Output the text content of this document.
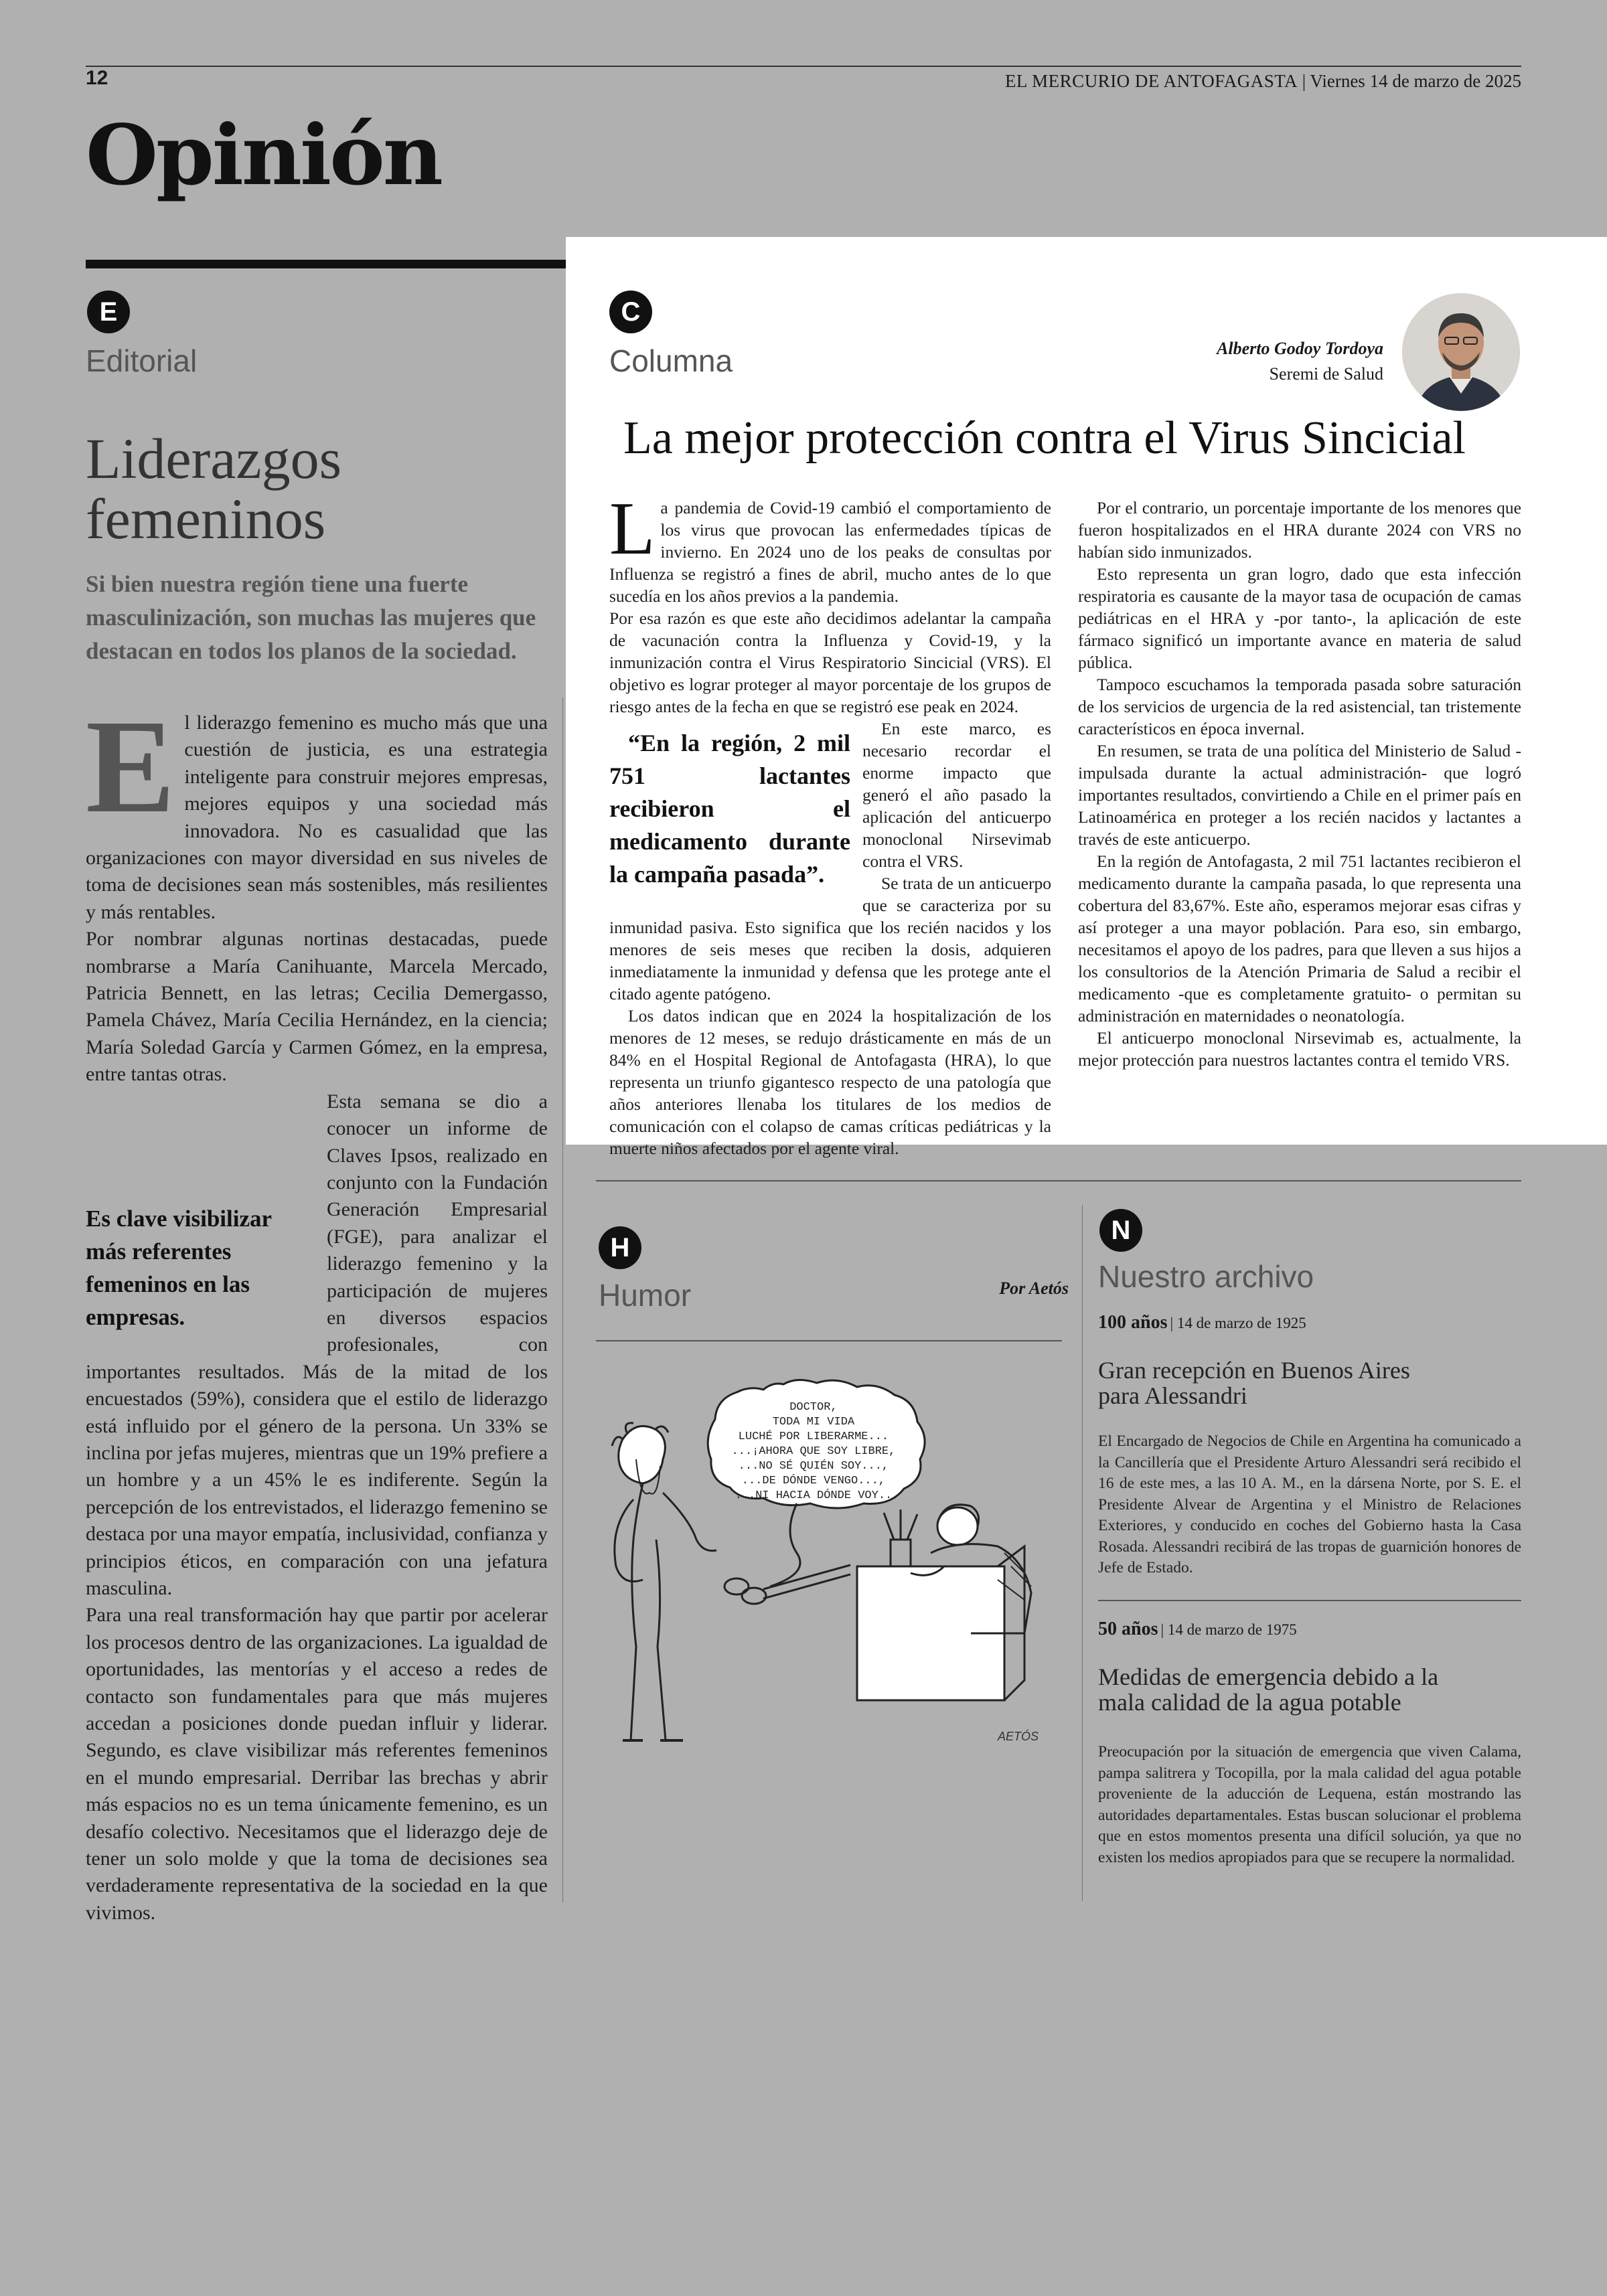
12	EL MERCURIO DE ANTOFAGASTA | Viernes 14 de marzo de 2025
Opinión
E
Editorial
Liderazgos
femeninos
Si bien nuestra región tiene una fuerte masculinización, son muchas las mujeres que destacan en todos los planos de la sociedad.

El liderazgo femenino es mucho más que una cuestión de justicia, es una estrategia inteligente para construir mejores empresas, mejores equipos y una sociedad más innovadora. No es casualidad que las organizaciones con mayor diversidad en sus niveles de toma de decisiones sean más sostenibles, más resilientes y más rentables.

Por nombrar algunas nortinas destacadas, puede nombrarse a María Canihuante, Marcela Mercado, Patricia Bennett, en las letras; Cecilia Demergasso, Pamela Chávez, María Cecilia Hernández, en la ciencia; María Soledad García y Carmen Gómez, en la empresa, entre tantas otras.

Es clave visibilizar más referentes femeninos en las empresas.
Esta semana se dio a conocer un informe de Claves Ipsos, realizado en conjunto con la Fundación Generación Empresarial (FGE), para analizar el liderazgo femenino y la participación de mujeres en diversos espacios profesionales, con importantes resultados. Más de la mitad de los encuestados (59%), considera que el estilo de liderazgo está influido por el género de la persona. Un 33% se inclina por jefas mujeres, mientras que un 19% prefiere a un hombre y a un 45% le es indiferente. Según la percepción de los entrevistados, el liderazgo femenino se destaca por una mayor empatía, inclusividad, confianza y principios éticos, en comparación con una jefatura masculina.

Para una real transformación hay que partir por acelerar los procesos dentro de las organizaciones. La igualdad de oportunidades, las mentorías y el acceso a redes de contacto son fundamentales para que más mujeres accedan a posiciones donde puedan influir y liderar. Segundo, es clave visibilizar más referentes femeninos en el mundo empresarial. Derribar las brechas y abrir más espacios no es un tema únicamente femenino, es un desafío colectivo. Necesitamos que el liderazgo deje de tener un solo molde y que la toma de decisiones sea verdaderamente representativa de la sociedad en la que vivimos.

C
Columna	Alberto Godoy Tordoya
Seremi de Salud
La mejor protección contra el Virus Sincicial

La pandemia de Covid-19 cambió el comportamiento de los virus que provocan las enfermedades típicas de invierno. En 2024 uno de los peaks de consultas por Influenza se registró a fines de abril, mucho antes de lo que sucedía en los años previos a la pandemia.

Por esa razón es que este año decidimos adelantar la campaña de vacunación contra la Influenza y Covid-19, y la inmunización contra el Virus Respiratorio Sincicial (VRS). El objetivo es lograr proteger al mayor porcentaje de los grupos de riesgo antes de la fecha en que se registró ese peak en 2024.

“En la región, 2 mil 751 lactantes recibieron el medicamento durante la campaña pasada”.
En este marco, es necesario recordar el enorme impacto que generó el año pasado la aplicación del anticuerpo monoclonal Nirsevimab contra el VRS.

Se trata de un anticuerpo que se caracteriza por su inmunidad pasiva. Esto significa que los recién nacidos y los menores de seis meses que reciben la dosis, adquieren inmediatamente la inmunidad y defensa que les protege ante el citado agente patógeno.

Los datos indican que en 2024 la hospitalización de los menores de 12 meses, se redujo drásticamente en más de un 84% en el Hospital Regional de Antofagasta (HRA), lo que representa un triunfo gigantesco respecto de una patología que años anteriores llenaba los titulares de los medios de comunicación con el colapso de camas críticas pediátricas y la muerte niños afectados por el agente viral.

Por el contrario, un porcentaje importante de los menores que fueron hospitalizados en el HRA durante 2024 con VRS no habían sido inmunizados.

Esto representa un gran logro, dado que esta infección respiratoria es causante de la mayor tasa de ocupación de camas pediátricas en el HRA y -por tanto-, la aplicación de este fármaco significó un importante avance en materia de salud pública.

Tampoco escuchamos la temporada pasada sobre saturación de los servicios de urgencia de la red asistencial, tan tristemente característicos en época invernal.

En resumen, se trata de una política del Ministerio de Salud -impulsada durante la actual administración- que logró importantes resultados, convirtiendo a Chile en el primer país en Latinoamérica en proteger a los recién nacidos y lactantes a través de este anticuerpo.

En la región de Antofagasta, 2 mil 751 lactantes recibieron el medicamento durante la campaña pasada, lo que representa una cobertura del 83,67%. Este año, esperamos mejorar esas cifras y así proteger a una mayor población. Para eso, sin embargo, necesitamos el apoyo de los padres, para que lleven a sus hijos a los consultorios de la Atención Primaria de Salud a recibir el medicamento -que es completamente gratuito- o permitan su administración en maternidades o neonatología.

El anticuerpo monoclonal Nirsevimab es, actualmente, la mejor protección para nuestros lactantes contra el temido VRS.

H
Humor	Por Aetós
DOCTOR, TODA MI VIDA LUCHÉ POR LIBERARME... ...¡AHORA QUE SOY LIBRE, ...NO SÉ QUIÉN SOY..., ...DE DÓNDE VENGO..., ...NI HACIA DÓNDE VOY...
AETÓS
N
Nuestro archivo
100 años | 14 de marzo de 1925
Gran recepción en Buenos Aires para Alessandri
El Encargado de Negocios de Chile en Argentina ha comunicado a la Cancillería que el Presidente Arturo Alessandri será recibido el 16 de este mes, a las 10 A. M., en la dársena Norte, por S. E. el Presidente Alvear de Argentina y el Ministro de Relaciones Exteriores, y conducido en coches del Gobierno hasta la Casa Rosada. Alessandri recibirá de las tropas de guarnición honores de Jefe de Estado.
50 años | 14 de marzo de 1975
Medidas de emergencia debido a la mala calidad de la agua potable
Preocupación por la situación de emergencia que viven Calama, pampa salitrera y Tocopilla, por la mala calidad del agua potable proveniente de la aducción de Lequena, están mostrando las autoridades departamentales. Estas buscan solucionar el problema que en estos momentos presenta una difícil solución, ya que no existen los medios apropiados para que se recupere la normalidad.
